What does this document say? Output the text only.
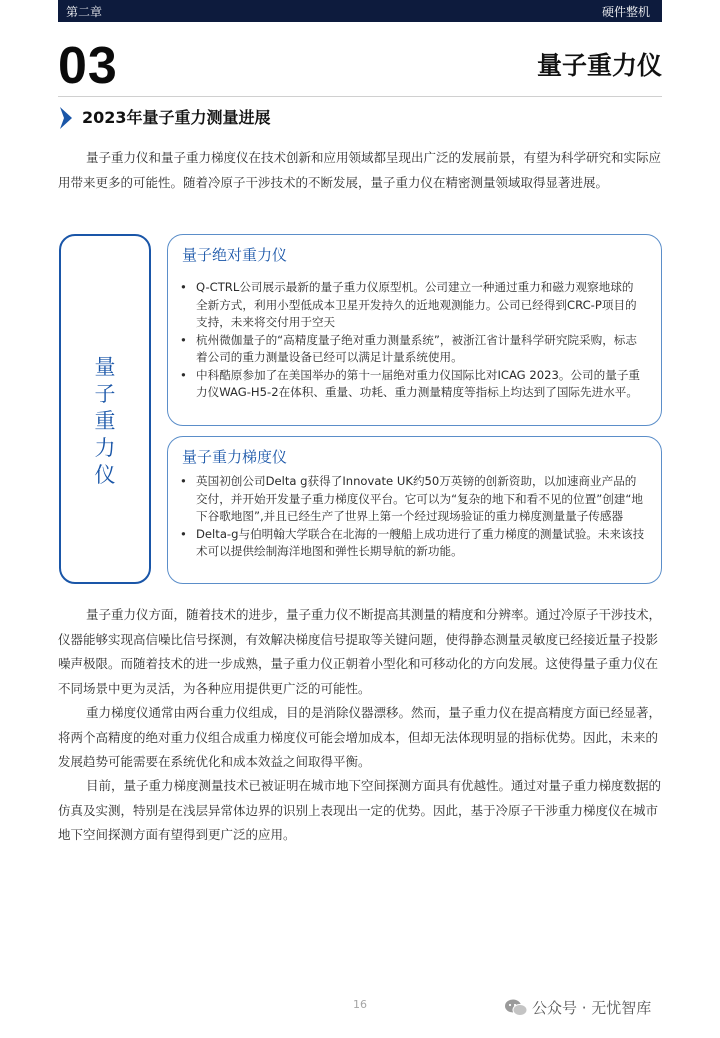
第二章	硬件整机
03	量子重力仪
2023年量子重力测量进展

量子重力仪和量子重力梯度仪在技术创新和应用领域都呈现出广泛的发展前景，有望为科学研究和实际应用带来更多的可能性。随着冷原子干涉技术的不断发展，量子重力仪在精密测量领域取得显著进展。

量
子
重
力
仪
量子绝对重力仪
• Q-CTRL公司展示最新的量子重力仪原型机。公司建立一种通过重力和磁力观察地球的全新方式，利用小型低成本卫星开发持久的近地观测能力。公司已经得到CRC-P项目的支持，未来将交付用于空天
• 杭州微伽量子的“高精度量子绝对重力测量系统”，被浙江省计量科学研究院采购，标志着公司的重力测量设备已经可以满足计量系统使用。
• 中科酷原参加了在美国举办的第十一届绝对重力仪国际比对ICAG 2023。公司的量子重力仪WAG-H5-2在体积、重量、功耗、重力测量精度等指标上均达到了国际先进水平。
量子重力梯度仪
• 英国初创公司Delta g获得了Innovate UK约50万英镑的创新资助，以加速商业产品的交付，并开始开发量子重力梯度仪平台。它可以为“复杂的地下和看不见的位置”创建“地下谷歌地图”,并且已经生产了世界上第一个经过现场验证的重力梯度测量量子传感器
• Delta-g与伯明翰大学联合在北海的一艘船上成功进行了重力梯度的测量试验。未来该技术可以提供绘制海洋地图和弹性长期导航的新功能。

量子重力仪方面，随着技术的进步，量子重力仪不断提高其测量的精度和分辨率。通过冷原子干涉技术，仪器能够实现高信噪比信号探测，有效解决梯度信号提取等关键问题，使得静态测量灵敏度已经接近量子投影噪声极限。而随着技术的进一步成熟，量子重力仪正朝着小型化和可移动化的方向发展。这使得量子重力仪在不同场景中更为灵活，为各种应用提供更广泛的可能性。

重力梯度仪通常由两台重力仪组成，目的是消除仪器漂移。然而，量子重力仪在提高精度方面已经显著，将两个高精度的绝对重力仪组合成重力梯度仪可能会增加成本，但却无法体现明显的指标优势。因此，未来的发展趋势可能需要在系统优化和成本效益之间取得平衡。

目前，量子重力梯度测量技术已被证明在城市地下空间探测方面具有优越性。通过对量子重力梯度数据的仿真及实测，特别是在浅层异常体边界的识别上表现出一定的优势。因此，基于冷原子干涉重力梯度仪在城市地下空间探测方面有望得到更广泛的应用。

16	公众号 · 无忧智库
